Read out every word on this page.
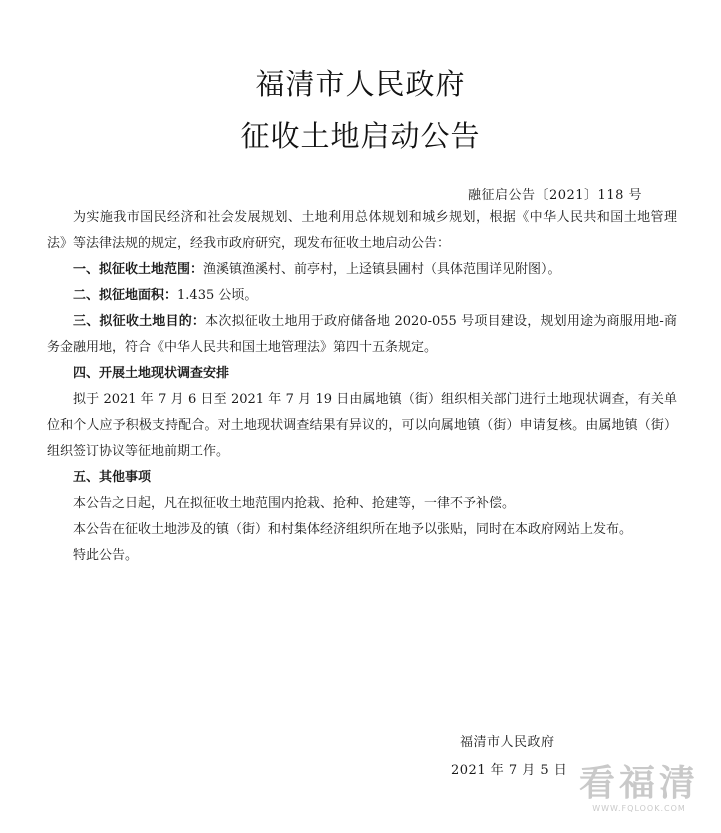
福清市人民政府
征收土地启动公告
融征启公告〔2021〕118 号

为实施我市国民经济和社会发展规划、土地利用总体规划和城乡规划，根据《中华人民共和国土地管理法》等法律法规的规定，经我市政府研究，现发布征收土地启动公告：

一、拟征收土地范围：渔溪镇渔溪村、前亭村，上迳镇县圃村（具体范围详见附图）。

二、拟征地面积：1.435 公顷。

三、拟征收土地目的：本次拟征收土地用于政府储备地 2020-055 号项目建设，规划用途为商服用地-商务金融用地，符合《中华人民共和国土地管理法》第四十五条规定。

四、开展土地现状调查安排

拟于 2021 年 7 月 6 日至 2021 年 7 月 19 日由属地镇（街）组织相关部门进行土地现状调查，有关单位和个人应予积极支持配合。对土地现状调查结果有异议的，可以向属地镇（街）申请复核。由属地镇（街）组织签订协议等征地前期工作。

五、其他事项

本公告之日起，凡在拟征收土地范围内抢栽、抢种、抢建等，一律不予补偿。

本公告在征收土地涉及的镇（街）和村集体经济组织所在地予以张贴，同时在本政府网站上发布。

特此公告。

福清市人民政府
2021 年 7 月 5 日 看福清
WWW.FQLOOK.COM
